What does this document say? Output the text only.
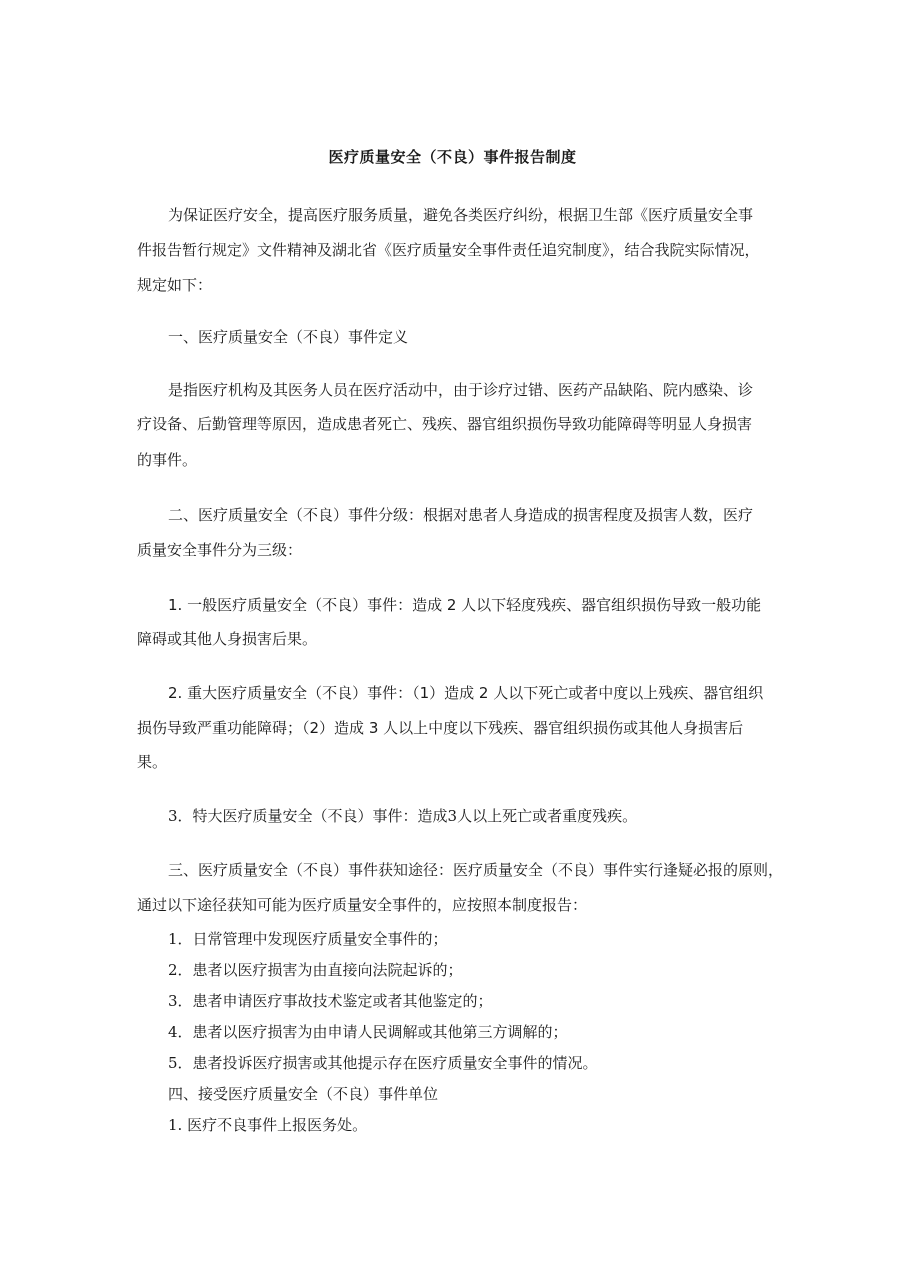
医疗质量安全（不良）事件报告制度
为保证医疗安全，提高医疗服务质量，避免各类医疗纠纷，根据卫生部《医疗质量安全事
件报告暂行规定》文件精神及湖北省《医疗质量安全事件责任追究制度》，结合我院实际情况，
规定如下：
一、医疗质量安全（不良）事件定义
是指医疗机构及其医务人员在医疗活动中，由于诊疗过错、医药产品缺陷、院内感染、诊
疗设备、后勤管理等原因，造成患者死亡、残疾、器官组织损伤导致功能障碍等明显人身损害
的事件。
二、医疗质量安全（不良）事件分级：根据对患者人身造成的损害程度及损害人数，医疗
质量安全事件分为三级：
1. 一般医疗质量安全（不良）事件：造成 2 人以下轻度残疾、器官组织损伤导致一般功能
障碍或其他人身损害后果。
2. 重大医疗质量安全（不良）事件：（1）造成 2 人以下死亡或者中度以上残疾、器官组织
损伤导致严重功能障碍；（2）造成 3 人以上中度以下残疾、器官组织损伤或其他人身损害后
果。
3．特大医疗质量安全（不良）事件：造成3人以上死亡或者重度残疾。
三、医疗质量安全（不良）事件获知途径：医疗质量安全（不良）事件实行逢疑必报的原则，
通过以下途径获知可能为医疗质量安全事件的，应按照本制度报告：
1．日常管理中发现医疗质量安全事件的；
2．患者以医疗损害为由直接向法院起诉的；
3．患者申请医疗事故技术鉴定或者其他鉴定的；
4．患者以医疗损害为由申请人民调解或其他第三方调解的；
5．患者投诉医疗损害或其他提示存在医疗质量安全事件的情况。
四、接受医疗质量安全（不良）事件单位
1. 医疗不良事件上报医务处。
